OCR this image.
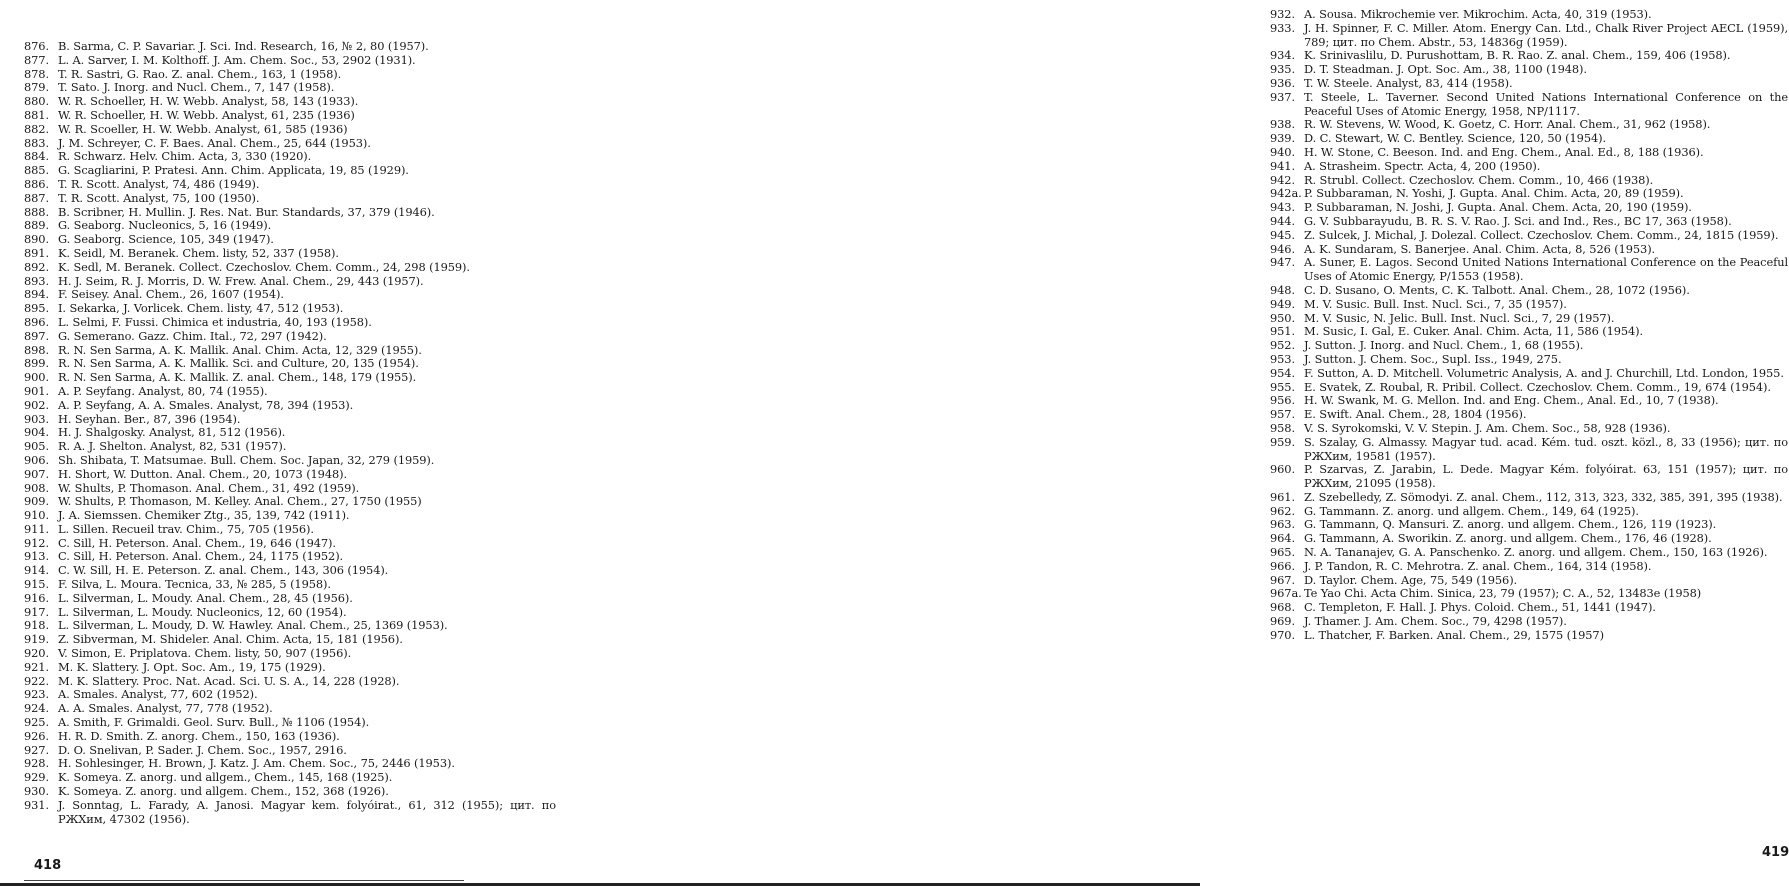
876. B. Sarma, C. P. Savariar. J. Sci. Ind. Research, 16, № 2, 80 (1957).
877. L. A. Sarver, I. M. Kolthoff. J. Am. Chem. Soc., 53, 2902 (1931).
878. T. R. Sastri, G. Rao. Z. anal. Chem., 163, 1 (1958).
879. T. Sato. J. Inorg. and Nucl. Chem., 7, 147 (1958).
880. W. R. Schoeller, H. W. Webb. Analyst, 58, 143 (1933).
881. W. R. Schoeller, H. W. Webb. Analyst, 61, 235 (1936)
882. W. R. Scoeller, H. W. Webb. Analyst, 61, 585 (1936)
883. J. M. Schreyer, C. F. Baes. Anal. Chem., 25, 644 (1953).
884. R. Schwarz. Helv. Chim. Acta, 3, 330 (1920).
885. G. Scagliarini, P. Pratesi. Ann. Chim. Applicata, 19, 85 (1929).
886. T. R. Scott. Analyst, 74, 486 (1949).
887. T. R. Scott. Analyst, 75, 100 (1950).
888. B. Scribner, H. Mullin. J. Res. Nat. Bur. Standards, 37, 379 (1946).
889. G. Seaborg. Nucleonics, 5, 16 (1949).
890. G. Seaborg. Science, 105, 349 (1947).
891. K. Seidl, M. Beranek. Chem. listy, 52, 337 (1958).
892. K. Sedl, M. Beranek. Collect. Czechoslov. Chem. Comm., 24, 298 (1959).
893. H. J. Seim, R. J. Morris, D. W. Frew. Anal. Chem., 29, 443 (1957).
894. F. Seisey. Anal. Chem., 26, 1607 (1954).
895. I. Sekarka, J. Vorlicek. Chem. listy, 47, 512 (1953).
896. L. Selmi, F. Fussi. Chimica et industria, 40, 193 (1958).
897. G. Semerano. Gazz. Chim. Ital., 72, 297 (1942).
898. R. N. Sen Sarma, A. K. Mallik. Anal. Chim. Acta, 12, 329 (1955).
899. R. N. Sen Sarma, A. K. Mallik. Sci. and Culture, 20, 135 (1954).
900. R. N. Sen Sarma, A. K. Mallik. Z. anal. Chem., 148, 179 (1955).
901. A. P. Seyfang. Analyst, 80, 74 (1955).
902. A. P. Seyfang, A. A. Smales. Analyst, 78, 394 (1953).
903. H. Seyhan. Ber., 87, 396 (1954).
904. H. J. Shalgosky. Analyst, 81, 512 (1956).
905. R. A. J. Shelton. Analyst, 82, 531 (1957).
906. Sh. Shibata, T. Matsumae. Bull. Chem. Soc. Japan, 32, 279 (1959).
907. H. Short, W. Dutton. Anal. Chem., 20, 1073 (1948).
908. W. Shults, P. Thomason. Anal. Chem., 31, 492 (1959).
909. W. Shults, P. Thomason, M. Kelley. Anal. Chem., 27, 1750 (1955)
910. J. A. Siemssen. Chemiker Ztg., 35, 139, 742 (1911).
911. L. Sillen. Recueil trav. Chim., 75, 705 (1956).
912. C. Sill, H. Peterson. Anal. Chem., 19, 646 (1947).
913. C. Sill, H. Peterson. Anal. Chem., 24, 1175 (1952).
914. C. W. Sill, H. E. Peterson. Z. anal. Chem., 143, 306 (1954).
915. F. Silva, L. Moura. Tecnica, 33, № 285, 5 (1958).
916. L. Silverman, L. Moudy. Anal. Chem., 28, 45 (1956).
917. L. Silverman, L. Moudy. Nucleonics, 12, 60 (1954).
918. L. Silverman, L. Moudy, D. W. Hawley. Anal. Chem., 25, 1369 (1953).
919. Z. Sibverman, M. Shideler. Anal. Chim. Acta, 15, 181 (1956).
920. V. Simon, E. Priplatova. Chem. listy, 50, 907 (1956).
921. M. K. Slattery. J. Opt. Soc. Am., 19, 175 (1929).
922. M. K. Slattery. Proc. Nat. Acad. Sci. U. S. A., 14, 228 (1928).
923. A. Smales. Analyst, 77, 602 (1952).
924. A. A. Smales. Analyst, 77, 778 (1952).
925. A. Smith, F. Grimaldi. Geol. Surv. Bull., № 1106 (1954).
926. H. R. D. Smith. Z. anorg. Chem., 150, 163 (1936).
927. D. O. Snelivan, P. Sader. J. Chem. Soc., 1957, 2916.
928. H. Sohlesinger, H. Brown, J. Katz. J. Am. Chem. Soc., 75, 2446 (1953).
929. K. Someya. Z. anorg. und allgem., Chem., 145, 168 (1925).
930. K. Someya. Z. anorg. und allgem. Chem., 152, 368 (1926).
931. J. Sonntag, L. Farady, A. Janosi. Magyar kem. folyóirat., 61, 312 (1955); цит. по РЖХим, 47302 (1956).
418
932. A. Sousa. Mikrochemie ver. Mikrochim. Acta, 40, 319 (1953).
933. J. H. Spinner, F. C. Miller. Atom. Energy Can. Ltd., Chalk River Project AECL (1959), 789; цит. по Chem. Abstr., 53, 14836g (1959).
934. K. Srinivaslilu, D. Purushottam, B. R. Rao. Z. anal. Chem., 159, 406 (1958).
935. D. T. Steadman. J. Opt. Soc. Am., 38, 1100 (1948).
936. T. W. Steele. Analyst, 83, 414 (1958).
937. T. Steele, L. Taverner. Second United Nations International Conference on the Peaceful Uses of Atomic Energy, 1958, NP/1117.
938. R. W. Stevens, W. Wood, K. Goetz, C. Horr. Anal. Chem., 31, 962 (1958).
939. D. C. Stewart, W. C. Bentley. Science, 120, 50 (1954).
940. H. W. Stone, C. Beeson. Ind. and Eng. Chem., Anal. Ed., 8, 188 (1936).
941. A. Strasheim. Spectr. Acta, 4, 200 (1950).
942. R. Strubl. Collect. Czechoslov. Chem. Comm., 10, 466 (1938).
942a. P. Subbaraman, N. Yoshi, J. Gupta. Anal. Chim. Acta, 20, 89 (1959).
943. P. Subbaraman, N. Joshi, J. Gupta. Anal. Chem. Acta, 20, 190 (1959).
944. G. V. Subbarayudu, B. R. S. V. Rao. J. Sci. and Ind., Res., BC 17, 363 (1958).
945. Z. Sulcek, J. Michal, J. Dolezal. Collect. Czechoslov. Chem. Comm., 24, 1815 (1959).
946. A. K. Sundaram, S. Banerjee. Anal. Chim. Acta, 8, 526 (1953).
947. A. Suner, E. Lagos. Second United Nations International Conference on the Peaceful Uses of Atomic Energy, P/1553 (1958).
948. C. D. Susano, O. Ments, C. K. Talbott. Anal. Chem., 28, 1072 (1956).
949. M. V. Susic. Bull. Inst. Nucl. Sci., 7, 35 (1957).
950. M. V. Susic, N. Jelic. Bull. Inst. Nucl. Sci., 7, 29 (1957).
951. M. Susic, I. Gal, E. Cuker. Anal. Chim. Acta, 11, 586 (1954).
952. J. Sutton. J. Inorg. and Nucl. Chem., 1, 68 (1955).
953. J. Sutton. J. Chem. Soc., Supl. Iss., 1949, 275.
954. F. Sutton, A. D. Mitchell. Volumetric Analysis, A. and J. Churchill, Ltd. London, 1955.
955. E. Svatek, Z. Roubal, R. Pribil. Collect. Czechoslov. Chem. Comm., 19, 674 (1954).
956. H. W. Swank, M. G. Mellon. Ind. and Eng. Chem., Anal. Ed., 10, 7 (1938).
957. E. Swift. Anal. Chem., 28, 1804 (1956).
958. V. S. Syrokomski, V. V. Stepin. J. Am. Chem. Soc., 58, 928 (1936).
959. S. Szalay, G. Almassy. Magyar tud. acad. Kém. tud. oszt. közl., 8, 33 (1956); цит. по РЖХим, 19581 (1957).
960. P. Szarvas, Z. Jarabin, L. Dede. Magyar Kém. folyóirat. 63, 151 (1957); цит. по РЖХим, 21095 (1958).
961. Z. Szebelledy, Z. Sömodyi. Z. anal. Chem., 112, 313, 323, 332, 385, 391, 395 (1938).
962. G. Tammann. Z. anorg. und allgem. Chem., 149, 64 (1925).
963. G. Tammann, Q. Mansuri. Z. anorg. und allgem. Chem., 126, 119 (1923).
964. G. Tammann, A. Sworikin. Z. anorg. und allgem. Chem., 176, 46 (1928).
965. N. A. Tananajev, G. A. Panschenko. Z. anorg. und allgem. Chem., 150, 163 (1926).
966. J. P. Tandon, R. C. Mehrotra. Z. anal. Chem., 164, 314 (1958).
967. D. Taylor. Chem. Age, 75, 549 (1956).
967a. Te Yao Chi. Acta Chim. Sinica, 23, 79 (1957); C. A., 52, 13483e (1958)
968. C. Templeton, F. Hall. J. Phys. Coloid. Chem., 51, 1441 (1947).
969. J. Thamer. J. Am. Chem. Soc., 79, 4298 (1957).
970. L. Thatcher, F. Barken. Anal. Chem., 29, 1575 (1957)
419
